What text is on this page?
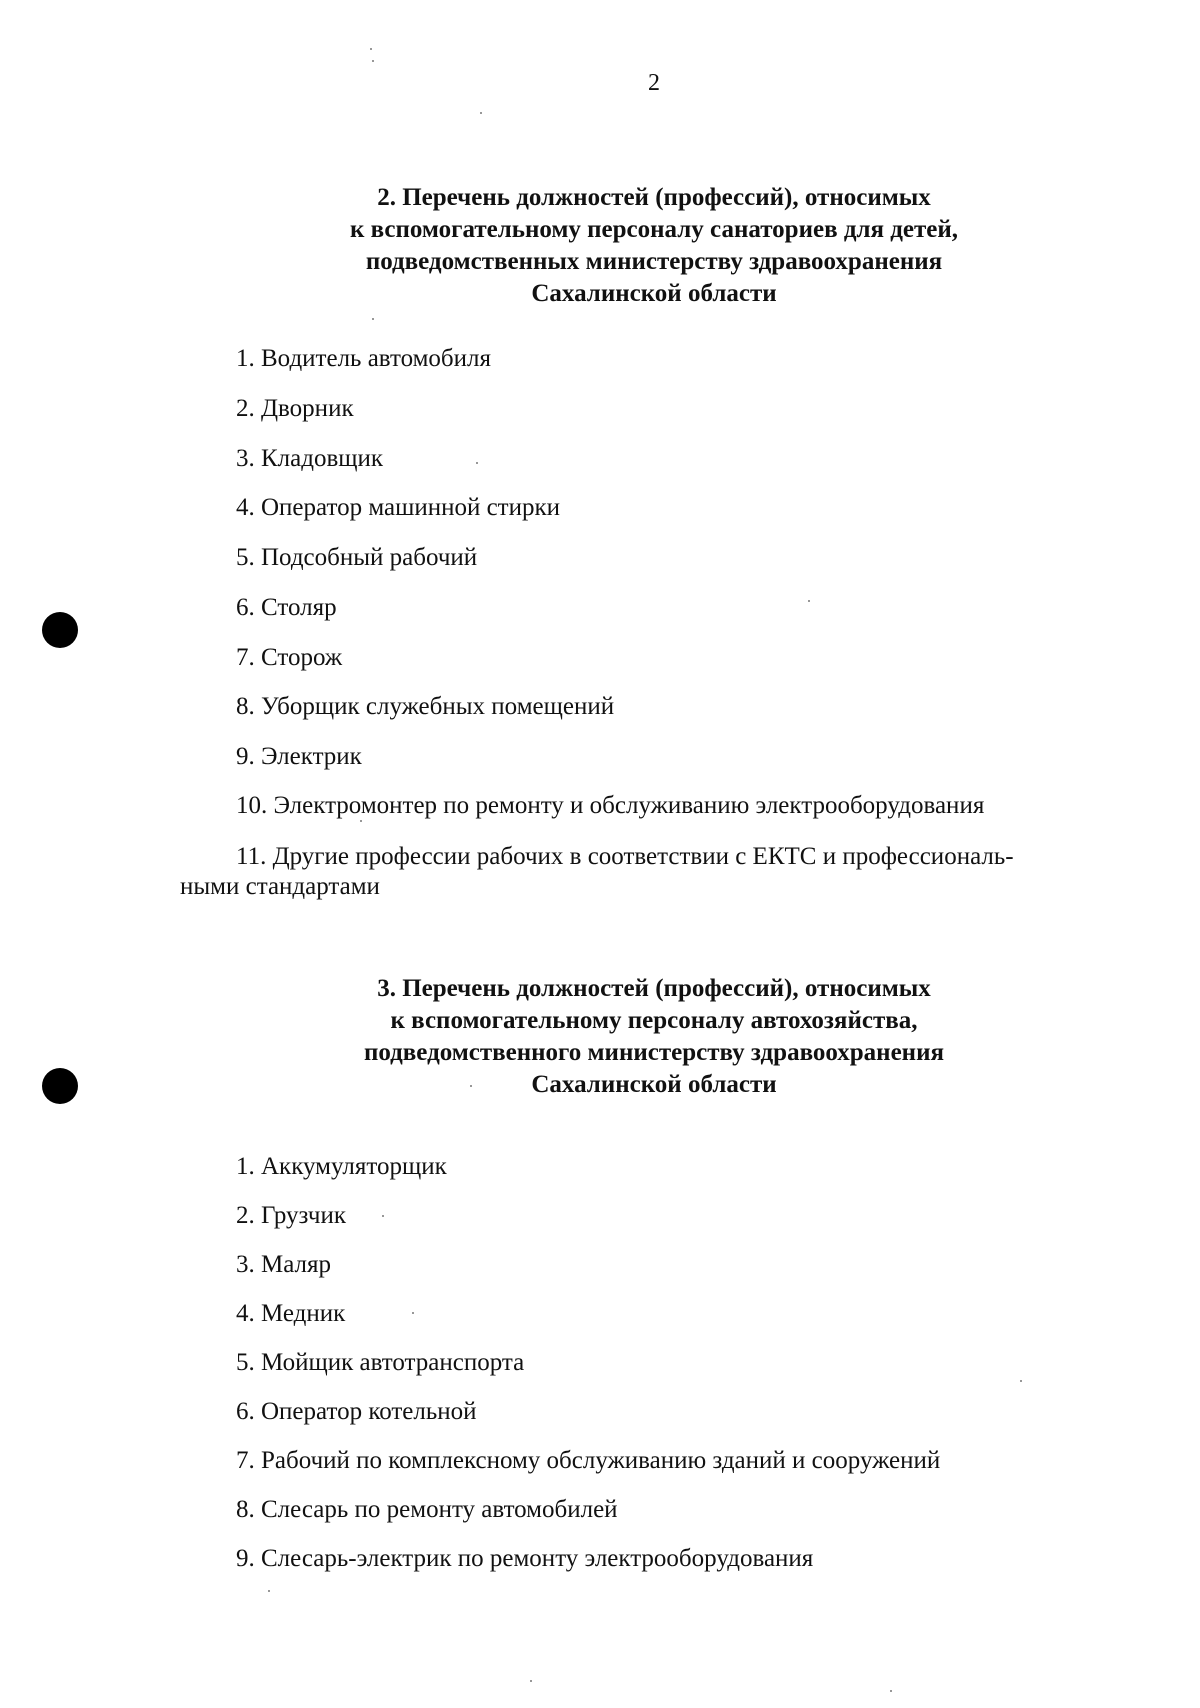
2
2. Перечень должностей (профессий), относимых
к вспомогательному персоналу санаториев для детей,
подведомственных министерству здравоохранения
Сахалинской области
1. Водитель автомобиля
2. Дворник
3. Кладовщик
4. Оператор машинной стирки
5. Подсобный рабочий
6. Столяр
7. Сторож
8. Уборщик служебных помещений
9. Электрик
10. Электромонтер по ремонту и обслуживанию электрооборудования
11. Другие профессии рабочих в соответствии с ЕКТС и профессиональ-
ными стандартами
3. Перечень должностей (профессий), относимых
к вспомогательному персоналу автохозяйства,
подведомственного министерству здравоохранения
Сахалинской области
1. Аккумуляторщик
2. Грузчик
3. Маляр
4. Медник
5. Мойщик автотранспорта
6. Оператор котельной
7. Рабочий по комплексному обслуживанию зданий и сооружений
8. Слесарь по ремонту автомобилей
9. Слесарь-электрик по ремонту электрооборудования
